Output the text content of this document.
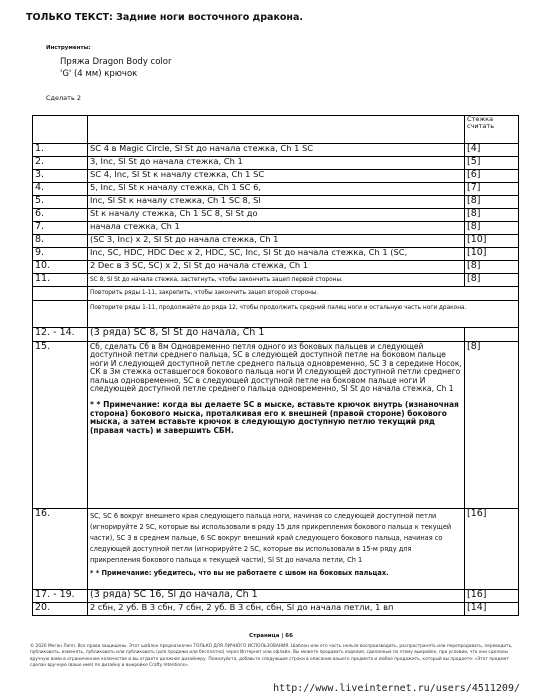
ТОЛЬКО ТЕКСТ: Задние ноги восточного дракона.
Инструменты:
Пряжа Dragon Body color
'G' (4 мм) крючок
Сделать 2
		Стежка
считать
1.	SC 4 в Magic Circle, Sl St до начала стежка, Ch 1 SC	[4]
2.	3, Inc, Sl St до начала стежка, Ch 1	[5]
3.	SC 4, Inc, Sl St к началу стежка, Ch 1 SC	[6]
4.	5, Inc, Sl St к началу стежка, Ch 1 SC 6,	[7]
5.	Inc, Sl St к началу стежка, Ch 1 SC 8, Sl	[8]
6.	St к началу стежка, Ch 1 SC 8, Sl St до	[8]
7.	начала стежка, Ch 1	[8]
8.	(SC 3, Inc) x 2, Sl St до начала стежка, Ch 1	[10]
9.	Inc, SC, HDC, HDC Dec x 2, HDC, SC, Inc, Sl St до начала стежка, Ch 1 (SC,	[10]
10.	2 Dec в 3 SC, SC) x 2, Sl St до начала стежка, Ch 1	[8]
11.	SC 8, Sl St до начала стежка, застегнуть, чтобы закончить зацеп первой стороны.	[8]
	Повторить ряды 1-11, закрепить, чтобы закончить зацеп второй стороны.	
	Повторите ряды 1-11, продолжайте до ряда 12, чтобы продолжить средний палец ноги и остальную часть ноги дракона.	
12. - 14.	(3 ряда) SC 8, Sl St до начала, Ch 1	
15.	Сб, сделать Сб в 8м Одновременно петля одного из боковых пальцев и следующей доступной петли среднего пальца, SC в следующей доступной петле на боковом пальце ноги И следующей доступной петле среднего пальца одновременно, SC 3 в середине Носок, СК в 3м стежка оставшегося бокового пальца ноги И следующей доступной петли среднего пальца одновременно, SC в следующей доступной петле на боковом пальце ноги И следующей доступной петле среднего пальца одновременно, Sl St до начала стежка, Ch 1
* * Примечание: когда вы делаете SC в мыске, вставьте крючок внутрь (изнаночная сторона) бокового мыска, проталкивая его к внешней (правой стороне) бокового мыска, а затем вставьте крючок в следующую доступную петлю текущий ряд (правая часть) и завершить СБН.	[8]
16.	SC, SC 6 вокруг внешнего края следующего пальца ноги, начиная со следующей доступной петли (игнорируйте 2 SC, которые вы использовали в ряду 15 для прикрепления бокового пальца к текущей части), SC 3 в среднем пальце, 6 SC вокруг внешний край следующего бокового пальца, начиная со следующей доступной петли (игнорируйте 2 SC, которые вы использовали в 15-м ряду для прикрепления бокового пальца к текущей части), Sl St до начала петли, Ch 1
* * Примечание: убедитесь, что вы не работаете с швом на боковых пальцах.	[16]
17. - 19.	(3 ряда) SC 16, Sl до начала, Ch 1	[16]
20.	2 сбн, 2 уб. В 3 сбн, 7 сбн, 2 уб. В 3 сбн, сбн, Sl до начала петли, 1 вп	[14]
Страница | 66
© 2020 Меган Лапп. Все права защищены. Этот шаблон предназначен ТОЛЬКО ДЛЯ ЛИЧНОГО ИСПОЛЬЗОВАНИЯ. Шаблон или его часть нельзя воспроизводить, распространять или перепродавать, переводить, публиковать, изменять, публиковать или публиковать (для продажи или бесплатно) через Интернет или офлайн. Вы можете продавать изделия, сделанные по этому выкройке, при условии, что они сделаны вручную вами в ограниченном количестве и вы отдаете должное дизайнеру. Пожалуйста, добавьте следующие строки в описание вашего предмета и любое продажить, который вы продаете: «Этот предмет сделан вручную (ваше имя) по дизайну и выкройке Crafty Intentions».
http://www.liveinternet.ru/users/4511209/
